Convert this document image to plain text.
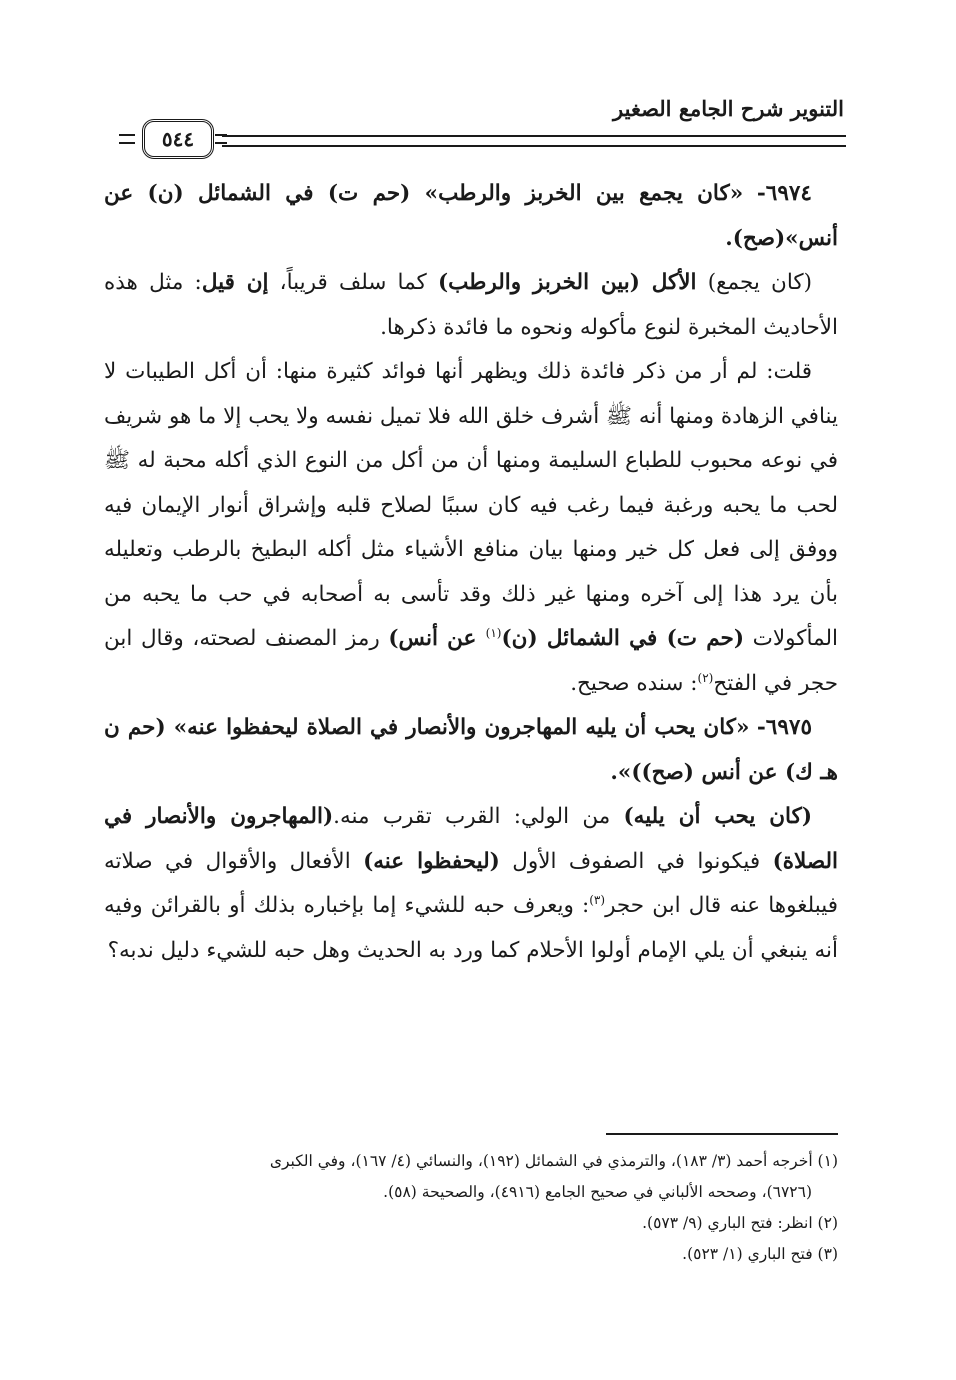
التنوير شرح الجامع الصغير
٥٤٤

٦٩٧٤- «كان يجمع بين الخربز والرطب» (حم ت) في الشمائل (ن) عن أنس»(صح).

(كان يجمع) الأكل (بين الخربز والرطب) كما سلف قريباً، إن قيل: مثل هذه الأحاديث المخبرة لنوع مأكوله ونحوه ما فائدة ذكرها.

قلت: لم أر من ذكر فائدة ذلك ويظهر أنها فوائد كثيرة منها: أن أكل الطيبات لا ينافي الزهادة ومنها أنه ﷺ أشرف خلق الله فلا تميل نفسه ولا يحب إلا ما هو شريف في نوعه محبوب للطباع السليمة ومنها أن من أكل من النوع الذي أكله محبة له ﷺ لحب ما يحبه ورغبة فيما رغب فيه كان سببًا لصلاح قلبه وإشراق أنوار الإيمان فيه ووفق إلى فعل كل خير ومنها بيان منافع الأشياء مثل أكله البطيخ بالرطب وتعليله بأن يرد هذا إلى آخره ومنها غير ذلك وقد تأسى به أصحابه في حب ما يحبه من المأكولات (حم ت) في الشمائل (ن)$^{(١)}$ عن أنس) رمز المصنف لصحته، وقال ابن حجر في الفتح$^{(٢)}$: سنده صحيح.

٦٩٧٥- «كان يحب أن يليه المهاجرون والأنصار في الصلاة ليحفظوا عنه» (حم ن هـ ك) عن أنس (صح))».

(كان يحب أن يليه) من الولي: القرب تقرب منه.(المهاجرون والأنصار في الصلاة) فيكونوا في الصفوف الأول (ليحفظوا عنه) الأفعال والأقوال في صلاته فيبلغوها عنه قال ابن حجر$^{(٣)}$: ويعرف حبه للشيء إما بإخباره بذلك أو بالقرائن وفيه أنه ينبغي أن يلي الإمام أولوا الأحلام كما ورد به الحديث وهل حبه للشيء دليل ندبه؟

(١) أخرجه أحمد (٣/ ١٨٣)، والترمذي في الشمائل (١٩٢)، والنسائي (٤/ ١٦٧)، وفي الكبرى

(٦٧٢٦)، وصححه الألباني في صحيح الجامع (٤٩١٦)، والصحيحة (٥٨).

(٢) انظر: فتح الباري (٩/ ٥٧٣).

(٣) فتح الباري (١/ ٥٢٣).
